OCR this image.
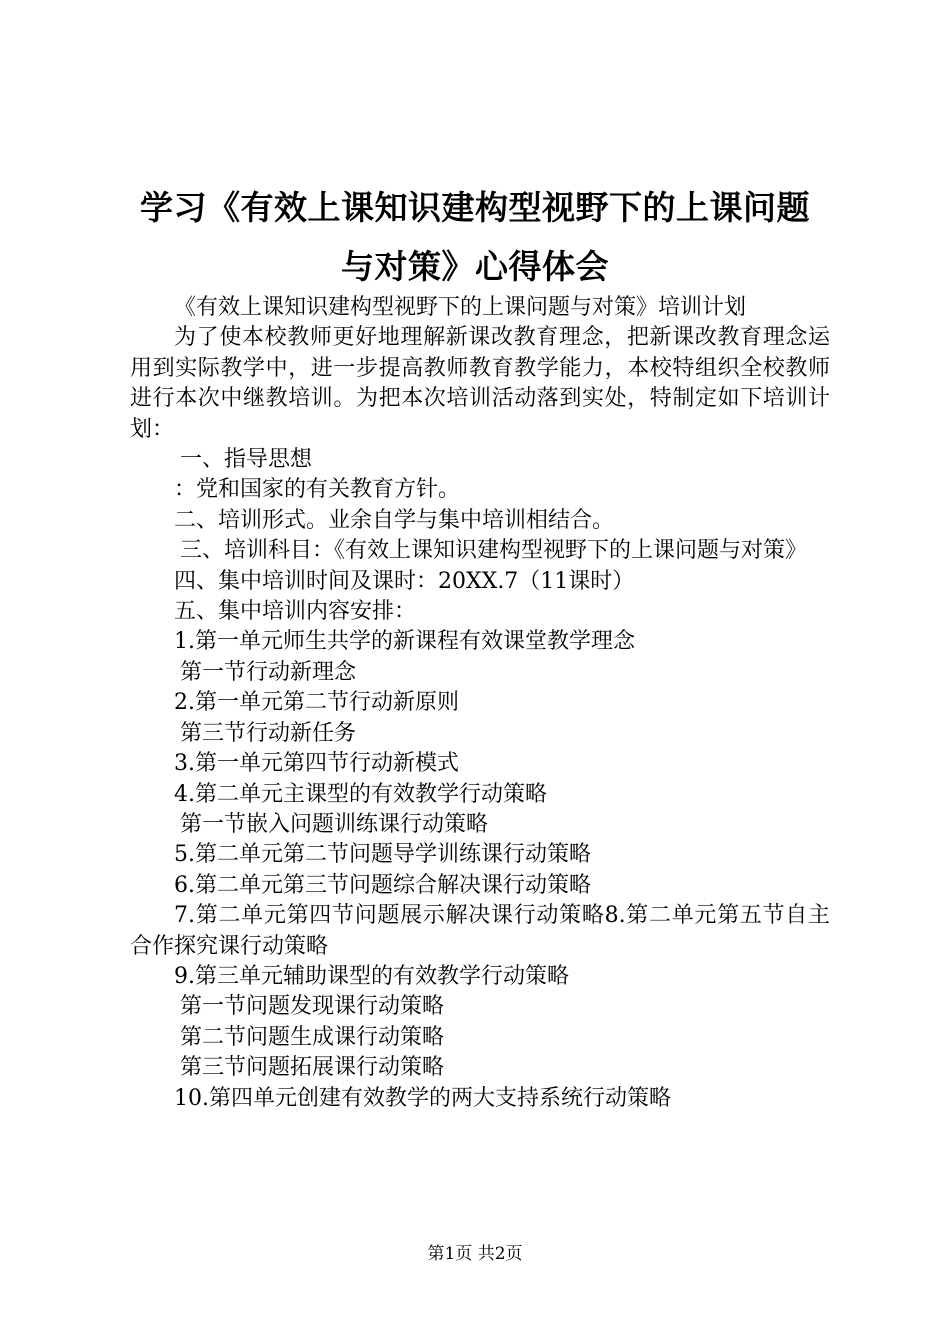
学习《有效上课知识建构型视野下的上课问题
与对策》心得体会

《有效上课知识建构型视野下的上课问题与对策》培训计划

为了使本校教师更好地理解新课改教育理念，把新课改教育理念运用到实际教学中，进一步提高教师教育教学能力，本校特组织全校教师进行本次中继教培训。为把本次培训活动落到实处，特制定如下培训计划：

一、指导思想

：党和国家的有关教育方针。

二、培训形式。业余自学与集中培训相结合。

三、培训科目：《有效上课知识建构型视野下的上课问题与对策》

四、集中培训时间及课时：20XX.7（11课时）

五、集中培训内容安排：

1.第一单元师生共学的新课程有效课堂教学理念

第一节行动新理念

2.第一单元第二节行动新原则

第三节行动新任务

3.第一单元第四节行动新模式

4.第二单元主课型的有效教学行动策略

第一节嵌入问题训练课行动策略

5.第二单元第二节问题导学训练课行动策略

6.第二单元第三节问题综合解决课行动策略

7.第二单元第四节问题展示解决课行动策略8.第二单元第五节自主合作探究课行动策略

9.第三单元辅助课型的有效教学行动策略

第一节问题发现课行动策略

第二节问题生成课行动策略

第三节问题拓展课行动策略

10.第四单元创建有效教学的两大支持系统行动策略

第1页 共2页
